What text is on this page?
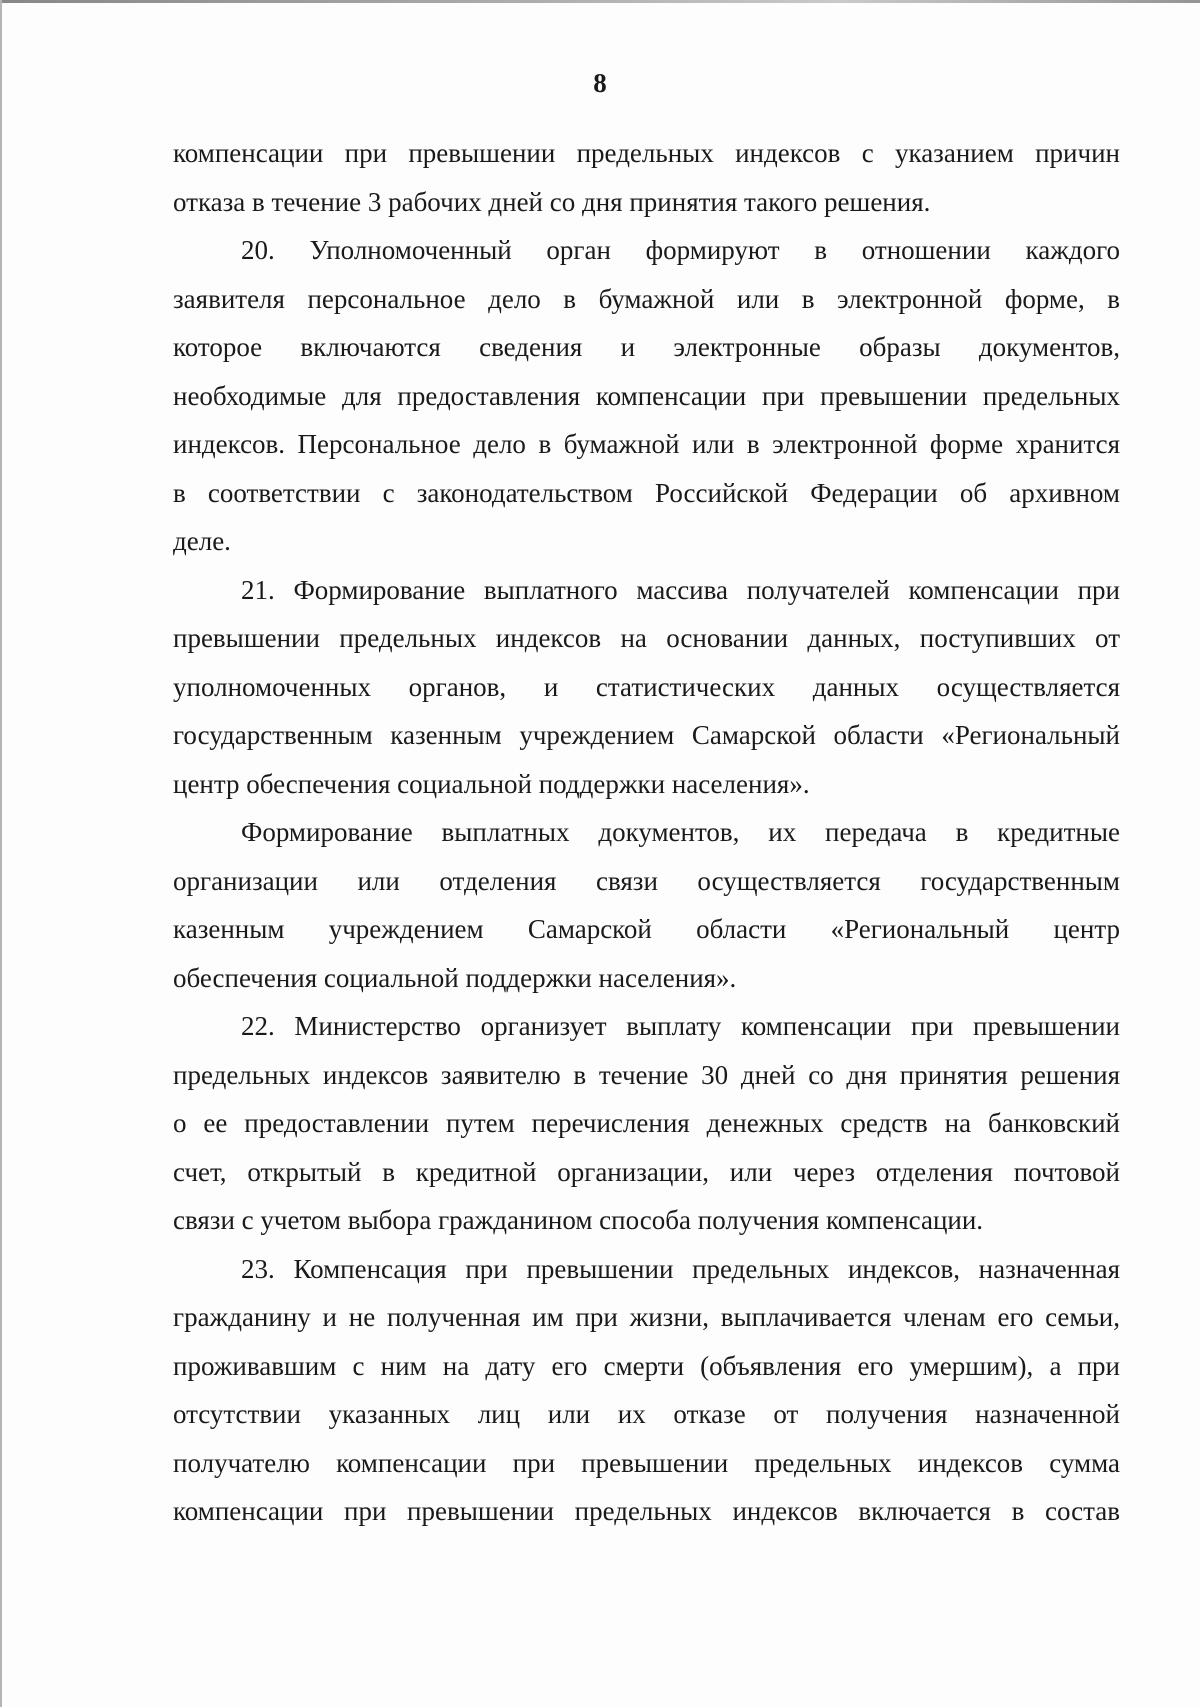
8

компенсации при превышении предельных индексов с указанием причин
отказа в течение 3 рабочих дней со дня принятия такого решения.

20. Уполномоченный орган формируют в отношении каждого
заявителя персональное дело в бумажной или в электронной форме, в
которое включаются сведения и электронные образы документов,
необходимые для предоставления компенсации при превышении предельных
индексов. Персональное дело в бумажной или в электронной форме хранится
в соответствии с законодательством Российской Федерации об архивном
деле.

21. Формирование выплатного массива получателей компенсации при
превышении предельных индексов на основании данных, поступивших от
уполномоченных органов, и статистических данных осуществляется
государственным казенным учреждением Самарской области «Региональный
центр обеспечения социальной поддержки населения».

Формирование выплатных документов, их передача в кредитные
организации или отделения связи осуществляется государственным
казенным учреждением Самарской области «Региональный центр
обеспечения социальной поддержки населения».

22. Министерство организует выплату компенсации при превышении
предельных индексов заявителю в течение 30 дней со дня принятия решения
о ее предоставлении путем перечисления денежных средств на банковский
счет, открытый в кредитной организации, или через отделения почтовой
связи с учетом выбора гражданином способа получения компенсации.

23. Компенсация при превышении предельных индексов, назначенная
гражданину и не полученная им при жизни, выплачивается членам его семьи,
проживавшим с ним на дату его смерти (объявления его умершим), а при
отсутствии указанных лиц или их отказе от получения назначенной
получателю компенсации при превышении предельных индексов сумма
компенсации при превышении предельных индексов включается в состав
